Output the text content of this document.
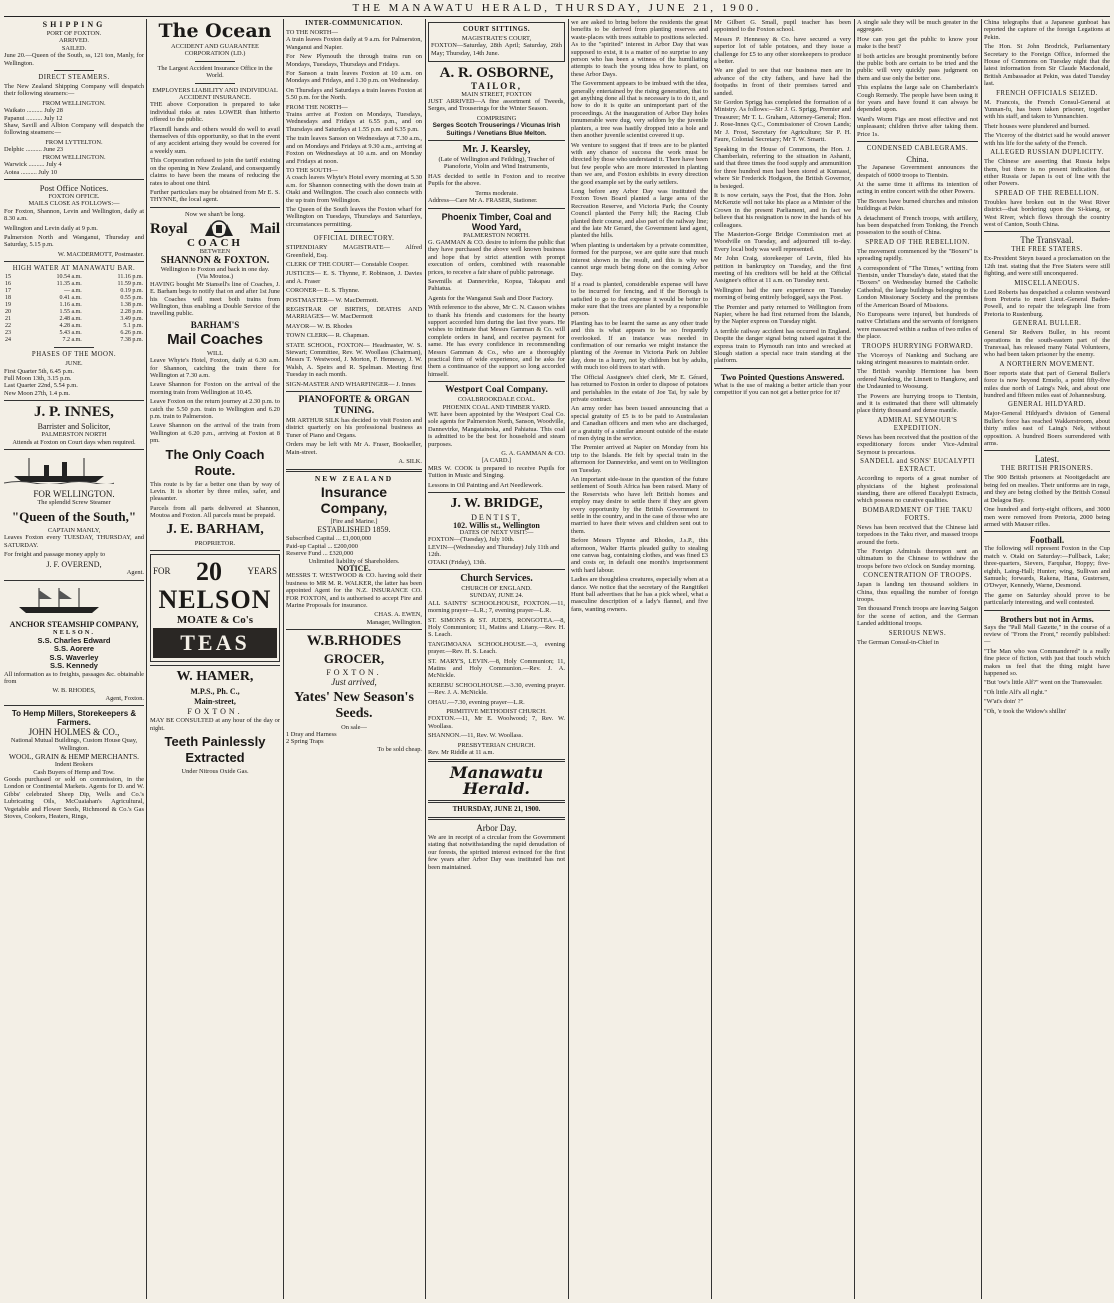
THE MANAWATU HERALD, THURSDAY, JUNE 21, 1900.
SHIPPING
PORT OF FOXTON.
ARRIVED.
SAILED.

June 20.—Queen of the South, ss, 121 ton, Manly, for Wellington.

DIRECT STEAMERS.

The New Zealand Shipping Company will despatch their following steamers:—

FROM WELLINGTON.
Waikato .......... July 28
Papanui .......... July 12

Shaw, Savill and Albion Company will despatch the following steamers:—

FROM LYTTELTON.
Delphic .......... June 23
FROM WELLINGTON.
Warwick .......... July 4
Aotea .......... July 10
Post Office Notices.
FOXTON OFFICE.
MAILS CLOSE AS FOLLOWS:—

For Foxton, Shannon, Levin and Wellington, daily at 8.30 a.m.

Wellington and Levin daily at 9 p.m.

Palmerston North and Wanganui, Thursday and Saturday, 5.15 p.m.

W. MACDERMOTT, Postmaster.
HIGH WATER AT MANAWATU BAR.
15	10.54 a.m.	11.16 p.m.
16	11.35 a.m.	11.59 p.m.
17	— a.m.	0.19 p.m.
18	0.41 a.m.	0.55 p.m.
19	1.16 a.m.	1.38 p.m.
20	1.55 a.m.	2.28 p.m.
21	2.48 a.m.	3.49 p.m.
22	4.28 a.m.	5.1 p.m.
23	5.43 a.m.	6.26 p.m.
24	7.2 a.m.	7.38 p.m.
PHASES OF THE MOON.
JUNE.
First Quarter 5th, 6.45 p.m.
Full Moon 13th, 3.15 p.m.
Last Quarter 22nd, 5.54 p.m.
New Moon 27th, 1.4 p.m.
J. P. INNES,
Barrister and Solicitor,
PALMERSTON NORTH

Attends at Foxton on Court days when required.

FOR WELLINGTON.
The splendid Screw Steamer
"Queen of the South,"
CAPTAIN MANLY,

Leaves Foxton every TUESDAY, THURSDAY, and SATURDAY.

For freight and passage money apply to

J. F. OVEREND,
Agent.
ANCHOR STEAMSHIP COMPANY,
NELSON.
S.S. Charles Edward
S.S. Aorere
S.S. Waverley
S.S. Kennedy

All information as to freights, passages &c. obtainable from

W. B. RHODES,
Agent, Foxton.
To Hemp Millers, Storekeepers & Farmers.
JOHN HOLMES & CO.,
National Mutual Buildings, Custom House Quay, Wellington.
WOOL, GRAIN & HEMP MERCHANTS.
Indent Brokers
Cash Buyers of Hemp and Tow.

Goods purchased or sold on commission, in the London or Continental Markets. Agents for D. and W. Gibbs' celebrated Sheep Dip, Wells and Co.'s Lubricating Oils, McCuaiahan's Agricultural, Vegetable and Flower Seeds, Richmond & Co.'s Gas Stoves, Cookers, Heaters, Rings,

The Ocean
ACCIDENT AND GUARANTEE CORPORATION (LD.)
The Largest Accident Insurance Office in the World.
EMPLOYERS LIABILITY AND INDIVIDUAL ACCIDENT INSURANCE.

THE above Corporation is prepared to take individual risks at rates LOWER than hitherto offered to the public.

Flaxmill hands and others would do well to avail themselves of this opportunity, so that in the event of any accident arising they would be covered for a weekly sum.

This Corporation refused to join the tariff existing on the opening in New Zealand, and consequently claims to have been the means of reducing the rates to about one third.

Further particulars may be obtained from Mr E. S. THYNNE, the local agent.

Now we shan't be long.
Royal	Mail
COACH
BETWEEN
SHANNON & FOXTON.
Wellington to Foxton and back in one day.
(Via Moutoa.)

HAVING bought Mr Stansell's line of Coaches, J. E. Barham begs to notify that on and after 1st June his Coaches will meet both trains from Wellington, thus enabling a Double Service of the travelling public.

BARHAM'S
Mail Coaches
WILL

Leave Whyte's Hotel, Foxton, daily at 6.30 a.m. for Shannon, catching the train there for Wellington at 7.30 a.m.

Leave Shannon for Foxton on the arrival of the morning train from Wellington at 10.45.

Leave Foxton on the return journey at 2.30 p.m. to catch the 5.50 p.m. train to Wellington and 6.20 p.m. train to Palmerston.

Leave Shannon on the arrival of the train from Wellington at 6.20 p.m., arriving at Foxton at 8 pm.

The Only Coach Route.

This route is by far a better one than by way of Levin. It is shorter by three miles, safer, and pleasanter.

Parcels from all parts delivered at Shannon, Moutoa and Foxton. All parcels must be prepaid.

J. E. BARHAM,
PROPRIETOR.
FOR 20	YEARS
NELSON
MOATE & Co's
TEAS
W. HAMER,
M.P.S., Ph. C.,
Main-street,
FOXTON.

MAY BE CONSULTED at any hour of the day or night.

Teeth Painlessly Extracted
Under Nitrous Oxide Gas.
INTER-COMMUNICATION.
TO THE NORTH—

A train leaves Foxton daily at 9 a.m. for Palmerston, Wanganui and Napier.

For New Plymouth the through trains run on Mondays, Tuesdays, Thursdays and Fridays.

For Sanson a train leaves Foxton at 10 a.m. on Mondays and Fridays, and 1.30 p.m. on Wednesday.

On Thursdays and Saturdays a train leaves Foxton at 5.50 p.m. for the North.

FROM THE NORTH—

Trains arrive at Foxton on Mondays, Tuesdays, Wednesdays and Fridays at 6.55 p.m., and on Thursdays and Saturdays at 1.55 p.m. and 6.35 p.m.

The train leaves Sanson on Wednesdays at 7.30 a.m., and on Mondays and Fridays at 9.30 a.m., arriving at Foxton on Wednesdays at 10 a.m. and on Monday and Fridays at noon.

TO THE SOUTH—

A coach leaves Whyte's Hotel every morning at 5.30 a.m. for Shannon connecting with the down train at Otaki and Wellington. The coach also connects with the up train from Wellington.

The Queen of the South leaves the Foxton wharf for Wellington on Tuesdays, Thursdays and Saturdays, circumstances permitting.

OFFICIAL DIRECTORY.

STIPENDIARY MAGISTRATE— Alfred Greenfield, Esq.

CLERK OF THE COURT— Constable Cooper.

JUSTICES— E. S. Thynne, F. Robinson, J. Davies and A. Fraser

CORONER— E. S. Thynne.

POSTMASTER— W. MacDermott.

REGISTRAR OF BIRTHS, DEATHS AND MARRIAGES— W. MacDermott

MAYOR— W. B. Rhodes

TOWN CLERK— R. Chapman.

STATE SCHOOL, FOXTON— Headmaster, W. S. Stewart; Committee, Rev. W. Woollass (Chairman), Messrs T. Westwood, J. Morton, F. Hennessy, J. W. Walsh, A. Speirs and R. Spelman. Meeting first Tuesday in each month.

SIGN-MASTER AND WHARFINGER— J. Innes

PIANOFORTE & ORGAN TUNING.

MR ARTHUR SILK has decided to visit Foxton and district quarterly on his professional business as Tuner of Piano and Organs.

Orders may be left with Mr A. Fraser, Bookseller, Main-street.

A. SILK.
NEW ZEALAND
Insurance Company,
[Fire and Marine.]
ESTABLISHED 1859.
Subscribed Capital ... £1,000,000
Paid-up Capital ... £200,000
Reserve Fund ... £320,000
Unlimited liability of Shareholders.
NOTICE.

MESSRS T. WESTWOOD & CO. having sold their business to MR M. R. WALKER, the latter has been appointed Agent for the N.Z. INSURANCE CO. FOR FOXTON, and is authorised to accept Fire and Marine Proposals for insurance.

CHAS. A. EWEN,
Manager, Wellington.
W.B.RHODES
GROCER,
FOXTON.
Just arrived,
Yates' New Season's Seeds.
On sale—
1 Dray and Harness
2 Spring Traps
To be sold cheap.
COURT SITTINGS.
MAGISTRATE'S COURT,

FOXTON—Saturday, 28th April; Saturday, 26th May; Thursday, 14th June.

A. R. OSBORNE,
TAILOR,
MAIN STREET, FOXTON

JUST ARRIVED—A fine assortment of Tweeds, Serges, and Trouserings for the Winter Season.

COMPRISING
Serges Scotch Trouserings / Vicunas Irish Suitings / Venetians Blue Melton.
Mr. J. Kearsley,

(Late of Wellington and Feilding), Teacher of Pianoforte, Violin and Wind Instruments,

HAS decided to settle in Foxton and to receive Pupils for the above.

Terms moderate.

Address—Care Mr A. FRASER, Stationer.

Phoenix Timber, Coal and Wood Yard,
PALMERSTON NORTH.

G. GAMMAN & CO. desire to inform the public that they have purchased the above well known business and hope that by strict attention with prompt execution of orders, combined with reasonable prices, to receive a fair share of public patronage.

Sawmills at Dannevirke, Kopua, Takapau and Pahiatua.

Agents for the Wanganui Sash and Door Factory.

With reference to the above, Mr C. N. Casson wishes to thank his friends and customers for the hearty support accorded him during the last five years. He wishes to intimate that Messrs Gamman & Co. will complete orders in hand, and receive payment for same. He has every confidence in recommending Messrs Gamman & Co., who are a thoroughly practical firm of wide experience, and he asks for them a continuance of the support so long accorded himself.

Westport Coal Company.
COALBROOKDALE COAL.
PHOENIX COAL AND TIMBER YARD.

WE have been appointed by the Westport Coal Co. sole agents for Palmerston North, Sanson, Woodville, Dannevirke, Mangatainoka, and Pahiatua. This coal is admitted to be the best for household and steam purposes.

G. A. GAMMAN & CO.
[A CARD.]

MRS W. COOK is prepared to receive Pupils for Tuition in Music and Singing.

Lessons in Oil Painting and Art Needlework.

J. W. BRIDGE,
DENTIST,
102. Willis st., Wellington
DATES OF NEXT VISIT:—
FOXTON—(Tuesday), July 10th.
LEVIN—(Wednesday and Thursday) July 11th and 12th.
OTAKI (Friday), 13th.
Church Services.
CHURCH OF ENGLAND.
SUNDAY, JUNE 24.

ALL SAINTS' SCHOOLHOUSE, FOXTON.—11, morning prayer—L.R.; 7, evening prayer—L.R.

ST. SIMON'S & ST. JUDE'S, RONGOTEA.—8, Holy Communion; 11, Matins and Litany.—Rev. H. S. Leach.

TANGIMOANA SCHOOLHOUSE.—3, evening prayer.—Rev. H. S. Leach.

ST. MARY'S, LEVIN.—8, Holy Communion; 11, Matins and Holy Communion.—Rev. J. A. McNickle.

KEREBU SCHOOLHOUSE.—3.30, evening prayer.—Rev. J. A. McNickle.

OHAU.—7.30, evening prayer—L.R.

PRIMITIVE METHODIST CHURCH.

FOXTON.—11, Mr E. Woolwood; 7, Rev. W. Woollass.

SHANNON.—11, Rev. W. Woollass.

PRESBYTERIAN CHURCH.

Rev. Mr Riddle at 11 a.m.

Manawatu Herald.
THURSDAY, JUNE 21, 1900.
Arbor Day.

We are in receipt of a circular from the Government stating that notwithstanding the rapid denudation of our forests, the spirited interest evinced for the first few years after Arbor Day was instituted has not been maintained.

we are asked to bring before the residents the great benefits to be derived from planting reserves and waste-places with trees suitable to positions selected. As to the "spirited" interest in Arbor Day that was supposed to exist, it is a matter of no surprise to any person who has been a witness of the humiliating attempts to teach the young idea how to plant, on these Arbor Days.

The Government appears to be imbued with the idea, generally entertained by the rising generation, that to get anything done all that is necessary is to do it, and how to do it is quite an unimportant part of the proceedings. At the inauguration of Arbor Day holes innumerable were dug, very seldom by the juvenile planters, a tree was hastily dropped into a hole and then another juvenile scientist covered it up.

We venture to suggest that if trees are to be planted with any chance of success the work must be directed by those who understand it. There have been but few people who are more interested in planting than we are, and Foxton exhibits in every direction the good example set by the early settlers.

Long before any Arbor Day was instituted the Foxton Town Board planted a large area of the Recreation Reserve, and Victoria Park; the County Council planted the Ferry hill; the Racing Club planted their course, and also part of the railway line; and the late Mr Gerard, the Government land agent, planted the hills.

When planting is undertaken by a private committee, formed for the purpose, we are quite sure that much interest shown in the result, and this is why we cannot urge much being done on the coming Arbor Day.

If a road is planted, considerable expense will have to be incurred for fencing, and if the Borough is satisfied to go to that expense it would be better to make sure that the trees are planted by a responsible person.

Planting has to be learnt the same as any other trade and this is what appears to be so frequently overlooked. If an instance was needed in confirmation of our remarks we might instance the planting of the Avenue in Victoria Park on Jubilee day, done in a hurry, not by children but by adults, with much too old trees to start with.

The Official Assignee's chief clerk, Mr E. Gérard, has returned to Foxton in order to dispose of potatoes and perishables in the estate of Joe Tai, by sale by private contract.

An army order has been issued announcing that a special gratuity of £5 is to be paid to Australasian and Canadian officers and men who are discharged, or a gratuity of a similar amount outside of the estate of men dying in the service.

The Premier arrived at Napier on Monday from his trip to the Islands. He felt by special train in the afternoon for Dannevirke, and went on to Wellington on Tuesday.

An important side-issue in the question of the future settlement of South Africa has been raised. Many of the Reservists who have left British homes and employ may desire to settle there if they are given every opportunity by the British Government to settle in the country, and in the case of those who are married to have their wives and children sent out to them.

Before Messrs Thynne and Rhodes, J.s.P., this afternoon, Walter Harris pleaded guilty to stealing one canvas bag, containing clothes, and was fined £3 and costs or, in default one month's imprisonment with hard labour.

Ladies are thoughtless creatures, especially when at a dance. We notice that the secretary of the Rangitikei Hunt ball advertises that he has a pick wheel, what a masculine description of a lady's flannel, and five fans, wanting owners.

Mr Gilbert G. Small, pupil teacher has been appointed to the Foxton school.

Messrs P. Hennessy & Co. have secured a very superior lot of table potatoes, and they issue a challenge for £5 to any other storekeepers to produce a better.

We are glad to see that our business men are in advance of the city fathers, and have had the footpaths in front of their premises tarred and sanded.

Sir Gordon Sprigg has completed the formation of a Ministry. As follows:—Sir J. G. Sprigg, Premier and Treasurer; Mr T. L. Graham, Attorney-General; Hon. J. Rose-Innes Q.C., Commissioner of Crown Lands; Mr J. Frost, Secretary for Agriculture; Sir P. H. Faure, Colonial Secretary; Mr T. W. Smartt.

Speaking in the House of Commons, the Hon. J. Chamberlain, referring to the situation in Ashanti, said that three times the food supply and ammunition for three hundred men had been stored at Kumassi, where Sir Frederick Hodgson, the British Governor, is besieged.

It is now certain, says the Post, that the Hon. John McKenzie will not take his place as a Minister of the Crown in the present Parliament, and in fact we believe that his resignation is now in the hands of his colleagues.

The Masterton-Gorge Bridge Commission met at Woodville on Tuesday, and adjourned till to-day. Every local body was well represented.

Mr John Craig, storekeeper of Levin, filed his petition in bankruptcy on Tuesday, and the first meeting of his creditors will be held at the Official Assignee's office at 11 a.m. on Tuesday next.

Wellington had the rare experience on Tuesday morning of being entirely befogged, says the Post.

The Premier and party returned to Wellington from Napier, where he had first returned from the Islands, by the Napier express on Tuesday night.

A terrible railway accident has occurred in England. Despite the danger signal being raised against it the express train to Plymouth ran into and wrecked at Slough station a special race train standing at the platform.

Two Pointed Questions Answered.

What is the use of making a better article than your competitor if you can not get a better price for it?

A single sale they will be much greater in the aggregate.

How can you get the public to know your make is the best?

If both articles are brought prominently before the public both are certain to be tried and the public will very quickly pass judgment on them and use only the better one.

This explains the large sale on Chamberlain's Cough Remedy. The people have been using it for years and have found it can always be depended upon.

Ward's Worm Figs are most effective and not unpleasant; children thrive after taking them. Price 1s.

CONDENSED CABLEGRAMS.
China.

The Japanese Government announces the despatch of 6000 troops to Tientsin.

At the same time it affirms its intention of acting in entire concert with the other Powers.

The Boxers have burned churches and mission buildings at Pekin.

A detachment of French troops, with artillery, has been despatched from Tonking, the French possession to the south of China.

SPREAD OF THE REBELLION.

The movement commenced by the "Boxers" is spreading rapidly.

A correspondent of "The Times," writing from Tientsin, under Thursday's date, stated that the "Boxers" on Wednesday burned the Catholic Cathedral, the large buildings belonging to the London Missionary Society and the premises of the American Board of Missions.

No Europeans were injured, but hundreds of native Christians and the servants of foreigners were massacred within a radius of two miles of the place.

TROOPS HURRYING FORWARD.

The Viceroys of Nanking and Suchang are taking stringent measures to maintain order.

The British warship Hermione has been ordered Nanking, the Linnett to Hangkow, and the Undaunted to Woosung.

The Powers are hurrying troops to Tientsin, and it is estimated that there will ultimately place thirty thousand and dense mantle.

ADMIRAL SEYMOUR'S EXPEDITION.

News has been received that the position of the expeditionary forces under Vice-Admiral Seymour is precarious.

SANDELL and SONS' EUCALYPTI EXTRACT.

According to reports of a great number of physicians of the highest professional standing, there are offered Eucalypti Extracts, which possess no curative qualities.

BOMBARDMENT OF THE TAKU FORTS.

News has been received that the Chinese laid torpedoes in the Taku river, and massed troops around the forts.

The Foreign Admirals thereupon sent an ultimatum to the Chinese to withdraw the troops before two o'clock on Sunday morning.

CONCENTRATION OF TROOPS.

Japan is landing ten thousand soldiers in China, thus equalling the number of foreign troops.

Ten thousand French troops are leaving Saigon for the scene of action, and the German Landed additional troops.

SERIOUS NEWS.

The German Consul-in-Chief in

China telegraphs that a Japanese gunboat has reported the capture of the foreign Legations at Pekin.

The Hon. St John Brodrick, Parliamentary Secretary to the Foreign Office, informed the House of Commons on Tuesday night that the latest information from Sir Claude Macdonald, British Ambassador at Pekin, was dated Tuesday last.

FRENCH OFFICIALS SEIZED.

M. Francois, the French Consul-General at Yunnan-fu, has been taken prisoner, together with his staff, and taken to Yunnanchien.

Their houses were plundered and burned.

The Viceroy of the district said he would answer with his life for the safety of the French.

ALLEGED RUSSIAN DUPLICITY.

The Chinese are asserting that Russia helps them, but there is no present indication that either Russia or Japan is out of line with the other Powers.

SPREAD OF THE REBELLION.

Troubles have broken out in the West River district—that bordering upon the Si-kiang, or West River, which flows through the country west of Canton, South China.

The Transvaal.
THE FREE STATERS.

Ex-President Steyn issued a proclamation on the 12th inst. stating that the Free Staters were still fighting, and were still unconquered.

MISCELLANEOUS.

Lord Roberts has despatched a column westward from Pretoria to meet Lieut.-General Baden-Powell, and to repair the telegraph line from Pretoria to Rustenburg.

GENERAL BULLER.

General Sir Redvers Buller, in his recent operations in the south-eastern part of the Transvaal, has released many Natal Volunteers, who had been taken prisoner by the enemy.

A NORTHERN MOVEMENT.

Boer reports state that part of General Buller's force is now beyond Ermelo, a point fifty-five miles due north of Laing's Nek, and about one hundred and fifteen miles east of Johannesburg.

GENERAL HILDYARD.

Major-General Hildyard's division of General Buller's force has reached Wakkerstroom, about thirty miles east of Laing's Nek, without opposition. A hundred Boers surrendered with arms.

Latest.
THE BRITISH PRISONERS.

The 900 British prisoners at Nooitgedacht are being fed on mealies. Their uniforms are in rags, and they are being clothed by the British Consul at Delagoa Bay.

One hundred and forty-eight officers, and 3000 men were removed from Pretoria, 2000 being armed with Mauser rifles.

Football.

The following will represent Foxton in the Cup match v. Otaki on Saturday:—Fullback, Lake; three-quarters, Sievers, Farquhar, Hoppy; five-eighth, Laing-Hall; Hunter; wing, Sullivan and Samuels; forwards, Rakena, Hana, Gustersen, O'Dwyer, Kennedy, Warne, Desmond.

The game on Saturday should prove to be particularly interesting, and well contested.

Brothers but not in Arms.

Says the "Pall Mall Gazette," in the course of a review of "From the Front," recently published:—

"The Man who was Commandered" is a really fine piece of fiction, with just that touch which makes us feel that the thing might have happened so.

"But 'ow's little Alf?" went on the Transvaaler.

"Oh little Alf's all right."

"W'at's doin' ?"

"Oh, 'e took the Widow's shillin'
